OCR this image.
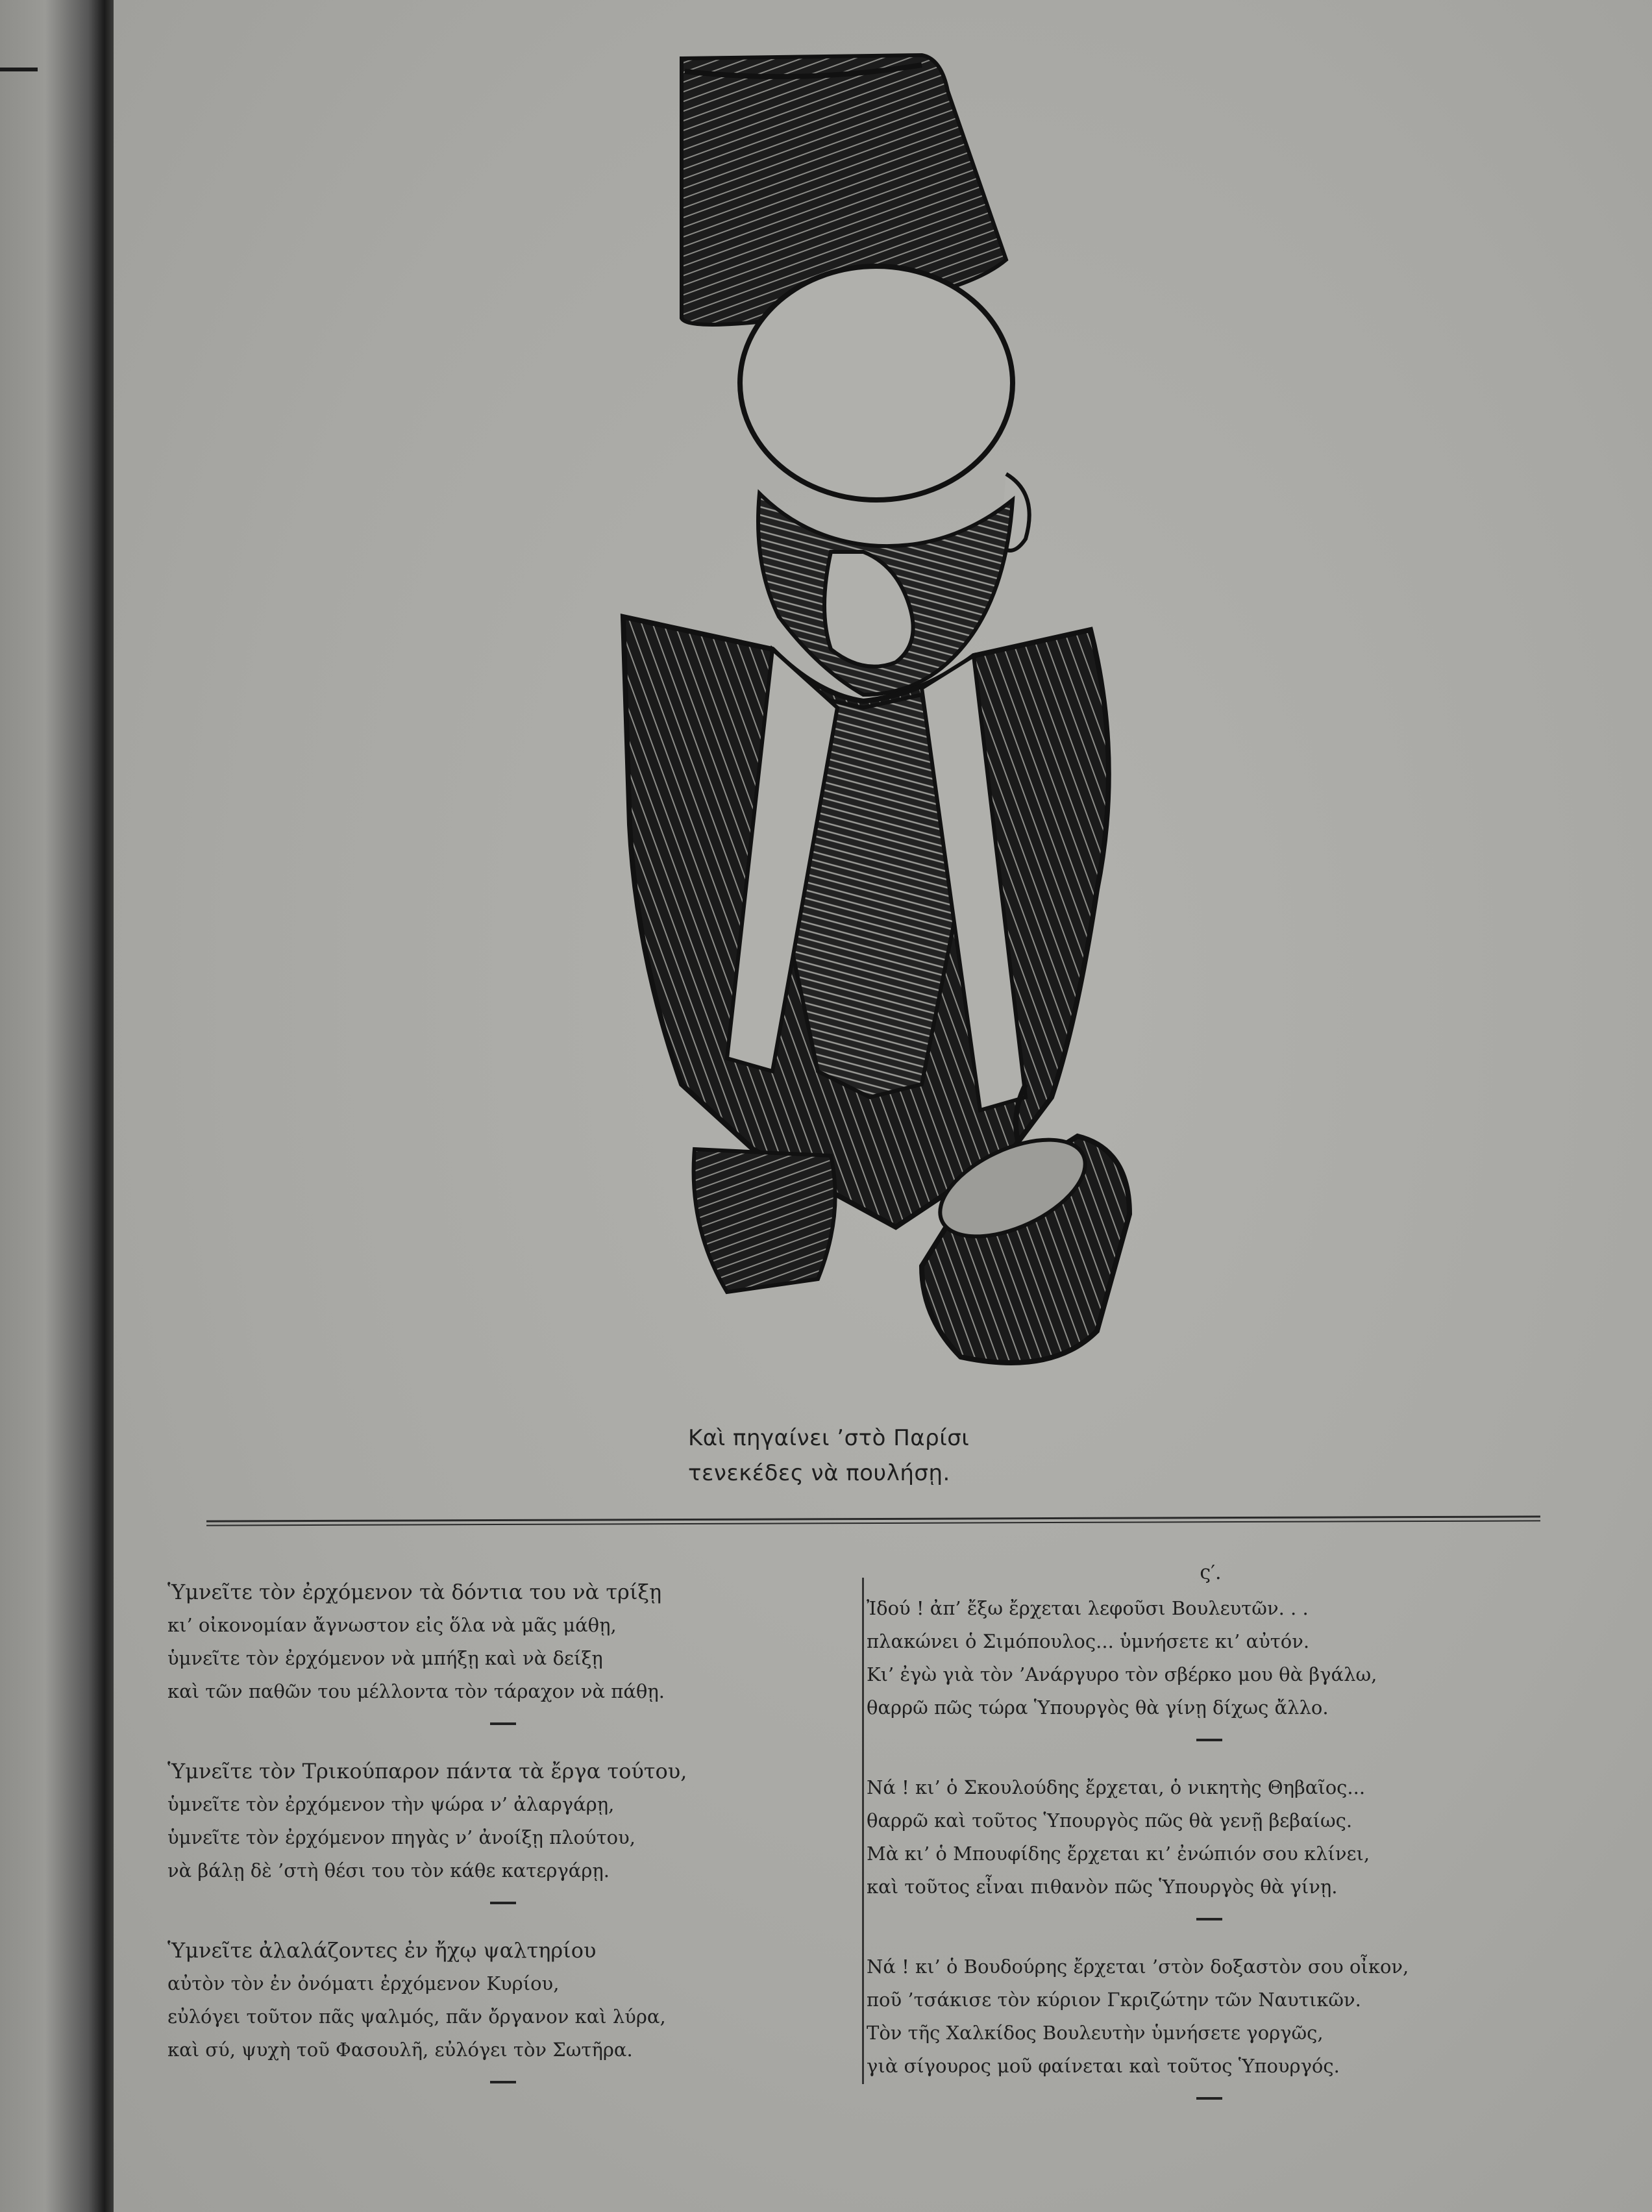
Καὶ πηγαίνει ’στὸ Παρίσι
τενεκέδες νὰ πουλήσῃ.
Ὑμνεῖτε τὸν ἐρχόμενον τὰ δόντια του νὰ τρίξῃ
κι’ οἰκονομίαν ἄγνωστον εἰς ὅλα νὰ μᾶς μάθῃ,
ὑμνεῖτε τὸν ἐρχόμενον νὰ μπήξῃ καὶ νὰ δείξῃ
καὶ τῶν παθῶν του μέλλοντα τὸν τάραχον νὰ πάθῃ.
Ὑμνεῖτε τὸν Τρικούπαρον πάντα τὰ ἔργα τούτου,
ὑμνεῖτε τὸν ἐρχόμενον τὴν ψώρα ν’ ἀλαργάρῃ,
ὑμνεῖτε τὸν ἐρχόμενον πηγὰς ν’ ἀνοίξῃ πλούτου,
νὰ βάλῃ δὲ ’στὴ θέσι του τὸν κάθε κατεργάρῃ.
Ὑμνεῖτε ἀλαλάζοντες ἐν ἤχῳ ψαλτηρίου
αὐτὸν τὸν ἐν ὀνόματι ἐρχόμενον Κυρίου,
εὐλόγει τοῦτον πᾶς ψαλμός, πᾶν ὄργανον καὶ λύρα,
καὶ σύ, ψυχὴ τοῦ Φασουλῆ, εὐλόγει τὸν Σωτῆρα.
ς′.
Ἰδού ! ἀπ’ ἔξω ἔρχεται λεφοῦσι Βουλευτῶν. . .
πλακώνει ὁ Σιμόπουλος... ὑμνήσετε κι’ αὐτόν.
Κι’ ἐγὼ γιὰ τὸν ’Ανάργυρο τὸν σβέρκο μου θὰ βγάλω,
θαρρῶ πῶς τώρα Ὑπουργὸς θὰ γίνῃ δίχως ἄλλο.
Νά ! κι’ ὁ Σκουλούδης ἔρχεται, ὁ νικητὴς Θηβαῖος...
θαρρῶ καὶ τοῦτος Ὑπουργὸς πῶς θὰ γενῇ βεβαίως.
Μὰ κι’ ὁ Μπουφίδης ἔρχεται κι’ ἐνώπιόν σου κλίνει,
καὶ τοῦτος εἶναι πιθανὸν πῶς Ὑπουργὸς θὰ γίνῃ.
Νά ! κι’ ὁ Βουδούρης ἔρχεται ’στὸν δοξαστὸν σου οἶκον,
ποῦ ’τσάκισε τὸν κύριον Γκριζώτην τῶν Ναυτικῶν.
Τὸν τῆς Χαλκίδος Βουλευτὴν ὑμνήσετε γοργῶς,
γιὰ σίγουρος μοῦ φαίνεται καὶ τοῦτος Ὑπουργός.
